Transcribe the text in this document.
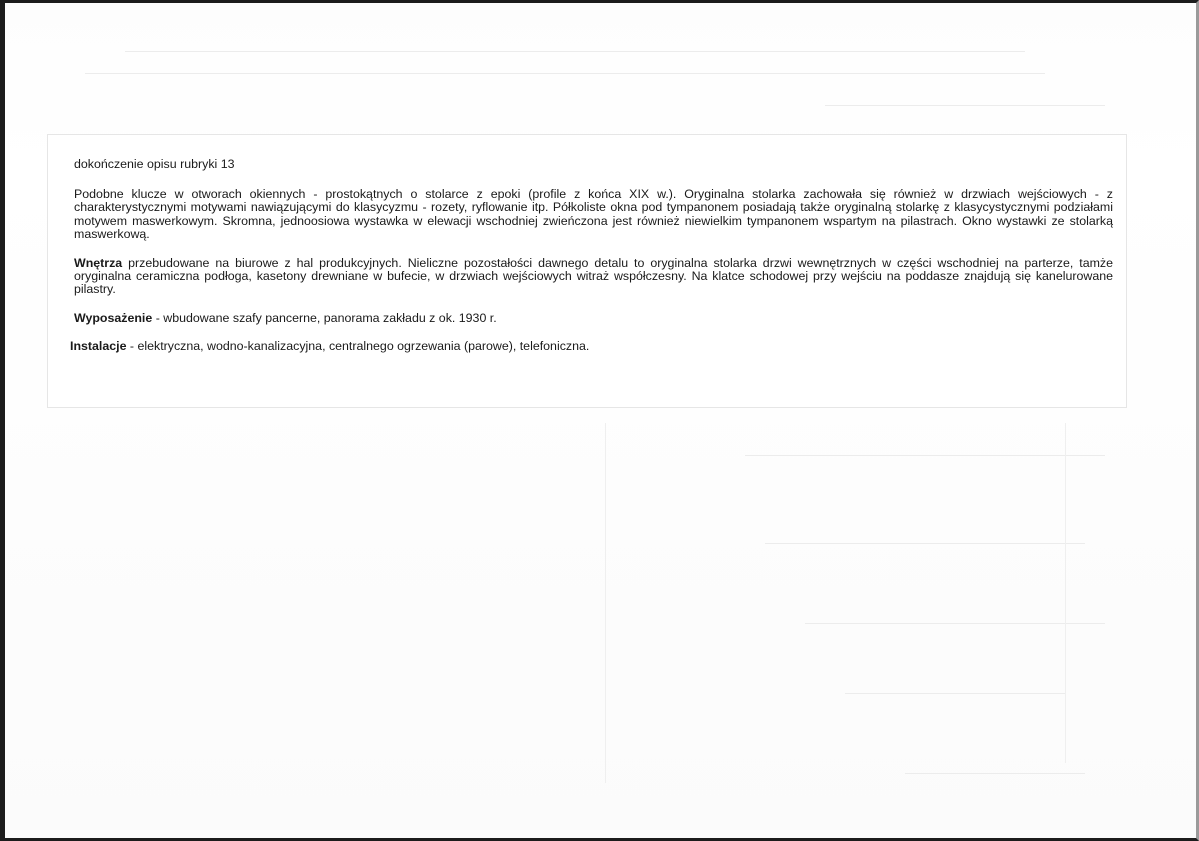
dokończenie opisu rubryki 13

Podobne klucze w otworach okiennych - prostokątnych o stolarce z epoki (profile z końca XIX w.). Oryginalna stolarka zachowała się również w drzwiach wejściowych - z charakterystycznymi motywami nawiązującymi do klasycyzmu - rozety, ryflowanie itp. Półkoliste okna pod tympanonem posiadają także oryginalną stolarkę z klasycystycznymi podziałami motywem maswerkowym. Skromna, jednoosiowa wystawka w elewacji wschodniej zwieńczona jest również niewielkim tympanonem wspartym na pilastrach. Okno wystawki ze stolarką maswerkową.

Wnętrza przebudowane na biurowe z hal produkcyjnych. Nieliczne pozostałości dawnego detalu to oryginalna stolarka drzwi wewnętrznych w części wschodniej na parterze, tamże oryginalna ceramiczna podłoga, kasetony drewniane w bufecie, w drzwiach wejściowych witraż współczesny. Na klatce schodowej przy wejściu na poddasze znajdują się kanelurowane pilastry.

Wyposażenie - wbudowane szafy pancerne, panorama zakładu z ok. 1930 r.

Instalacje - elektryczna, wodno-kanalizacyjna, centralnego ogrzewania (parowe), telefoniczna.
